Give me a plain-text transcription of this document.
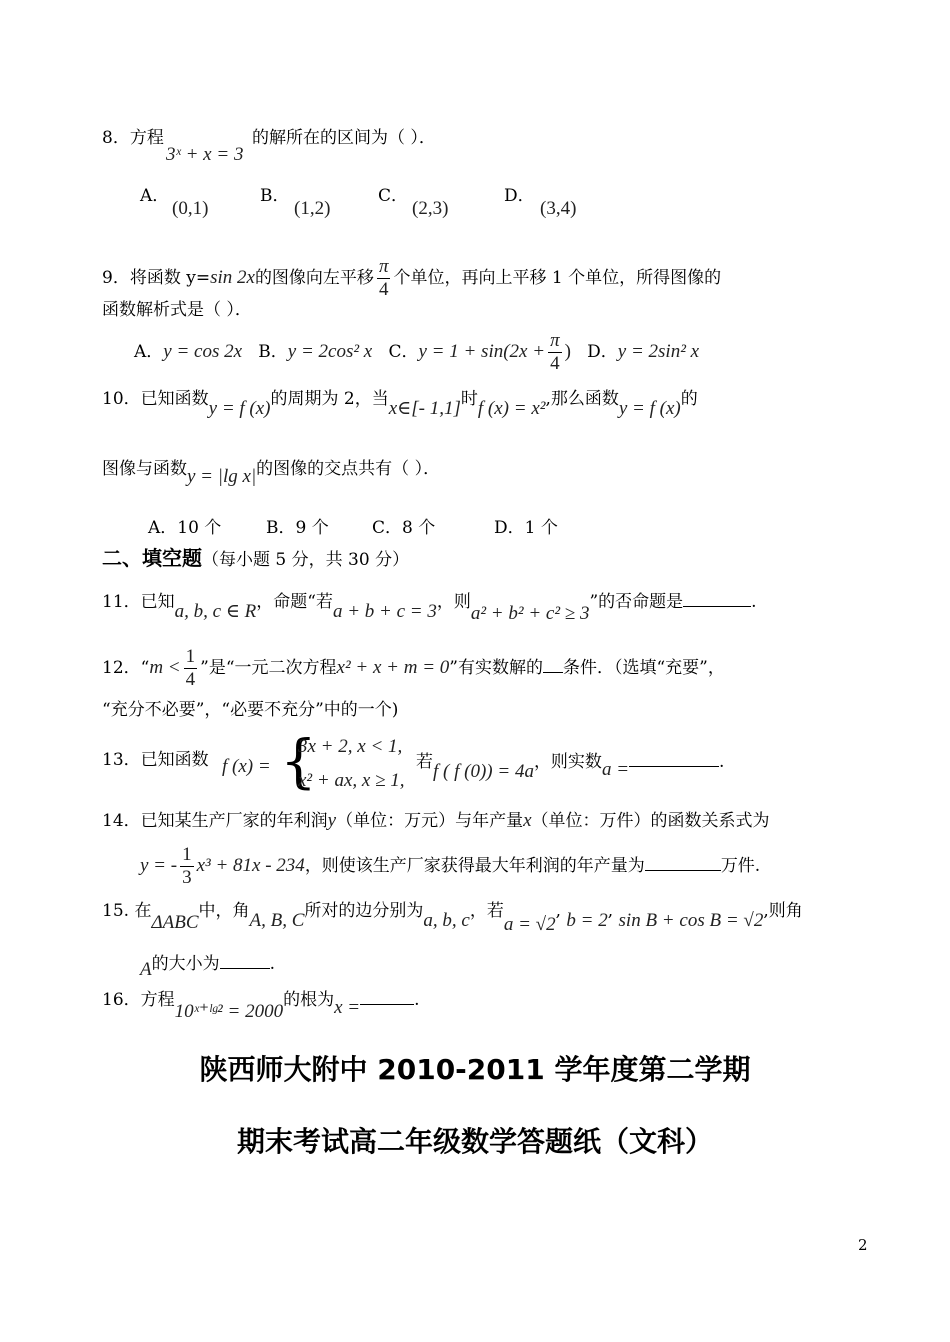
8．方程
3ˣ + x = 3
的解所在的区间为（ ）．
A．
(0,1)
B．
(1,2)
C．
(2,3)
D．
(3,4)
9．将函数 y=sin 2x的图像向左平移 $\frac{\pi}{4}$ 个单位，再向上平移 1 个单位，所得图像的
函数解析式是（ ）．
A．y = cos 2x B．y = 2cos² x C．$y = 1 + \sin(2x + \frac{\pi}{4}$ ) D．y = 2sin² x
10．已知函数y = f (x)的周期为 2，当x∈[- 1,1]时f (x) = x²,那么函数y = f (x)的
图像与函数y = |lg x|的图像的交点共有（ ）．
A．10 个	B．9 个	C．8 个	D．1 个
二、填空题（每小题 5 分，共 30 分）
11．已知a, b, c ∈ R，命题“若a + b + c = 3，则a² + b² + c² ≥ 3”的否命题是	.
12．“$m < \frac{1}{4}$ ”是“一元二次方程x² + x + m = 0”有实数解的 条件．（选填“充要”，
“充分不必要”，“必要不充分”中的一个)
13．已知函数 f (x) = {
3x + 2, x < 1,
x² + ax, x ≥ 1,
若f ( f (0)) = 4a，则实数a =	.
14．已知某生产厂家的年利润y（单位：万元）与年产量x（单位：万件）的函数关系式为
y = - $\frac{1}{3} x^3 + 81x - 234$，则使该生产厂家获得最大年利润的年产量为	万件.
15. 在ΔABC中，角A, B, C所对的边分别为a, b, c，若a = √2, b = 2, sin B + cos B = √2,则角
A的大小为	.
16．方程10ˣ⁺ˡᵍ² = 2000的根为x =	.
陕西师大附中 2010-2011 学年度第二学期
期末考试高二年级数学答题纸（文科）
2
